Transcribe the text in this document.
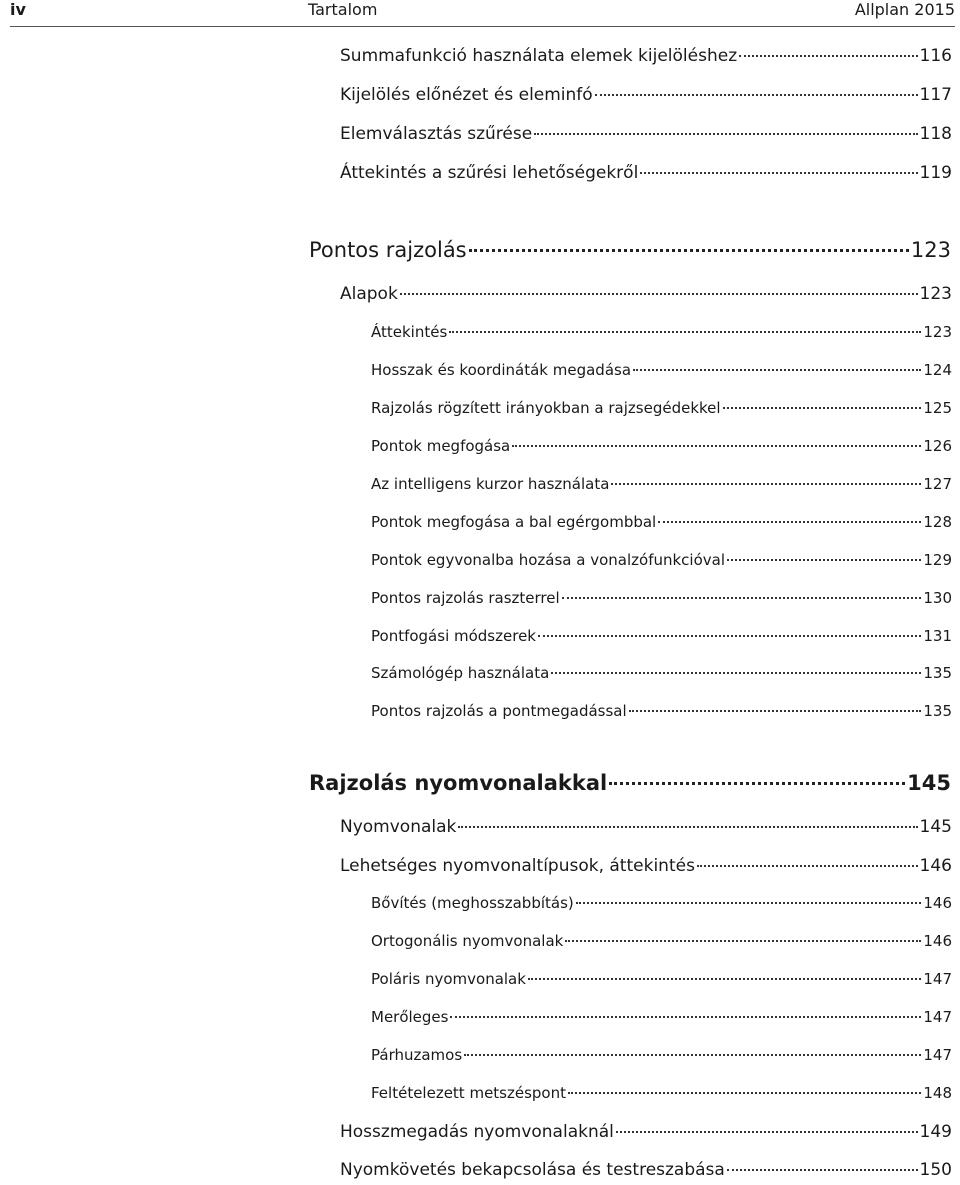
iv	Tartalom	Allplan 2015
Summafunkció használata elemek kijelöléshez	116
Kijelölés előnézet és eleminfó	117
Elemválasztás szűrése	118
Áttekintés a szűrési lehetőségekről	119
Pontos rajzolás	123
Alapok	123
Áttekintés	123
Hosszak és koordináták megadása	124
Rajzolás rögzített irányokban a rajzsegédekkel	125
Pontok megfogása	126
Az intelligens kurzor használata	127
Pontok megfogása a bal egérgombbal	128
Pontok egyvonalba hozása a vonalzófunkcióval	129
Pontos rajzolás raszterrel	130
Pontfogási módszerek	131
Számológép használata	135
Pontos rajzolás a pontmegadással	135
Rajzolás nyomvonalakkal	145
Nyomvonalak	145
Lehetséges nyomvonaltípusok, áttekintés	146
Bővítés (meghosszabbítás)	146
Ortogonális nyomvonalak	146
Poláris nyomvonalak	147
Merőleges	147
Párhuzamos	147
Feltételezett metszéspont	148
Hosszmegadás nyomvonalaknál	149
Nyomkövetés bekapcsolása és testreszabása	150
